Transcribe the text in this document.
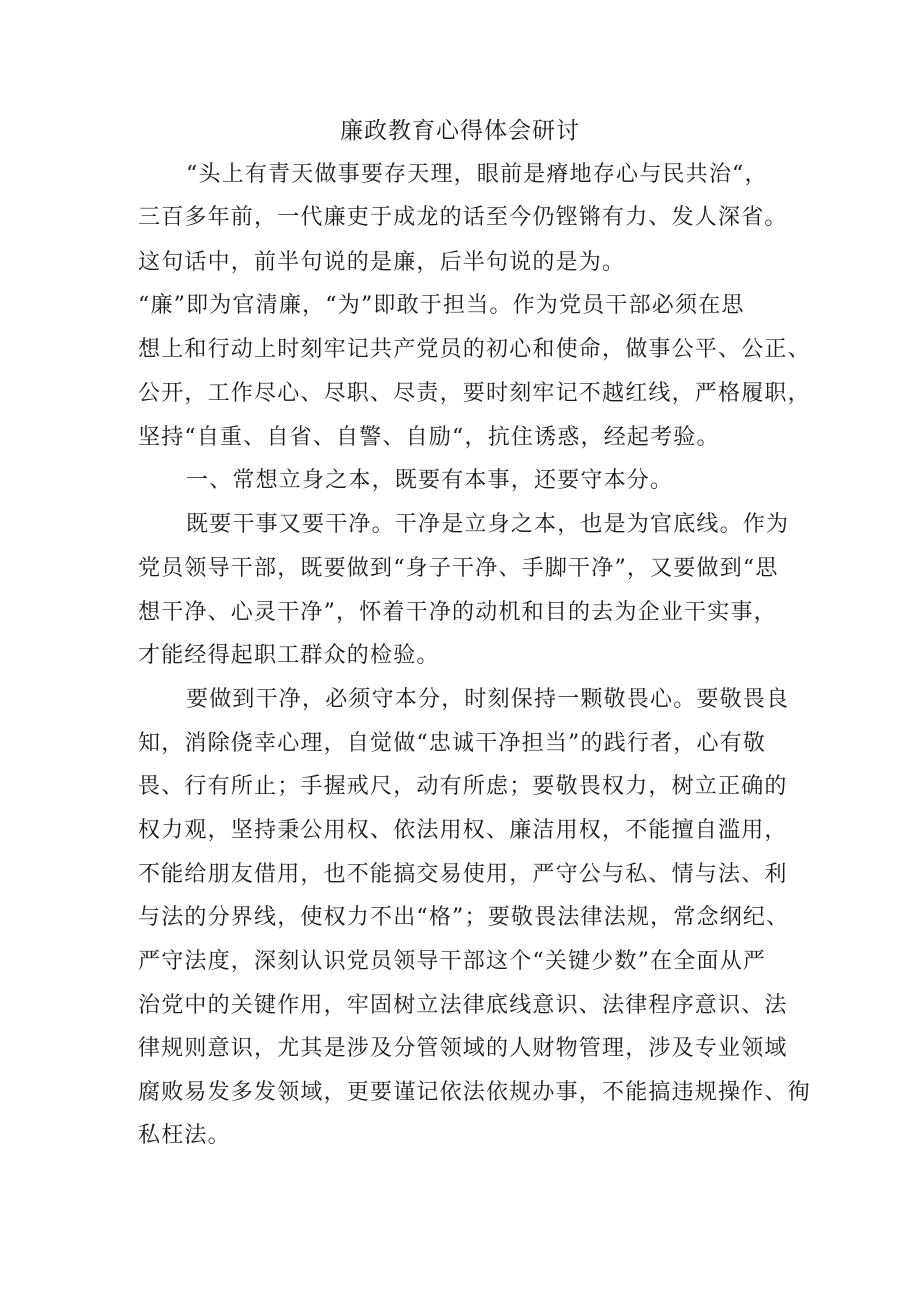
廉政教育心得体会研讨
“头上有青天做事要存天理，眼前是瘠地存心与民共治“，
三百多年前，一代廉吏于成龙的话至今仍铿锵有力、发人深省。
这句话中，前半句说的是廉，后半句说的是为。
“廉”即为官清廉，“为”即敢于担当。作为党员干部必须在思
想上和行动上时刻牢记共产党员的初心和使命，做事公平、公正、
公开，工作尽心、尽职、尽责，要时刻牢记不越红线，严格履职，
坚持“自重、自省、自警、自励“，抗住诱惑，经起考验。
一、常想立身之本，既要有本事，还要守本分。
既要干事又要干净。干净是立身之本，也是为官底线。作为
党员领导干部，既要做到“身子干净、手脚干净”，又要做到“思
想干净、心灵干净”，怀着干净的动机和目的去为企业干实事，
才能经得起职工群众的检验。
要做到干净，必须守本分，时刻保持一颗敬畏心。要敬畏良
知，消除侥幸心理，自觉做“忠诚干净担当”的践行者，心有敬
畏、行有所止；手握戒尺，动有所虑；要敬畏权力，树立正确的
权力观，坚持秉公用权、依法用权、廉洁用权，不能擅自滥用，
不能给朋友借用，也不能搞交易使用，严守公与私、情与法、利
与法的分界线，使权力不出“格”；要敬畏法律法规，常念纲纪、
严守法度，深刻认识党员领导干部这个“关键少数”在全面从严
治党中的关键作用，牢固树立法律底线意识、法律程序意识、法
律规则意识，尤其是涉及分管领域的人财物管理，涉及专业领域
腐败易发多发领域，更要谨记依法依规办事，不能搞违规操作、徇
私枉法。
